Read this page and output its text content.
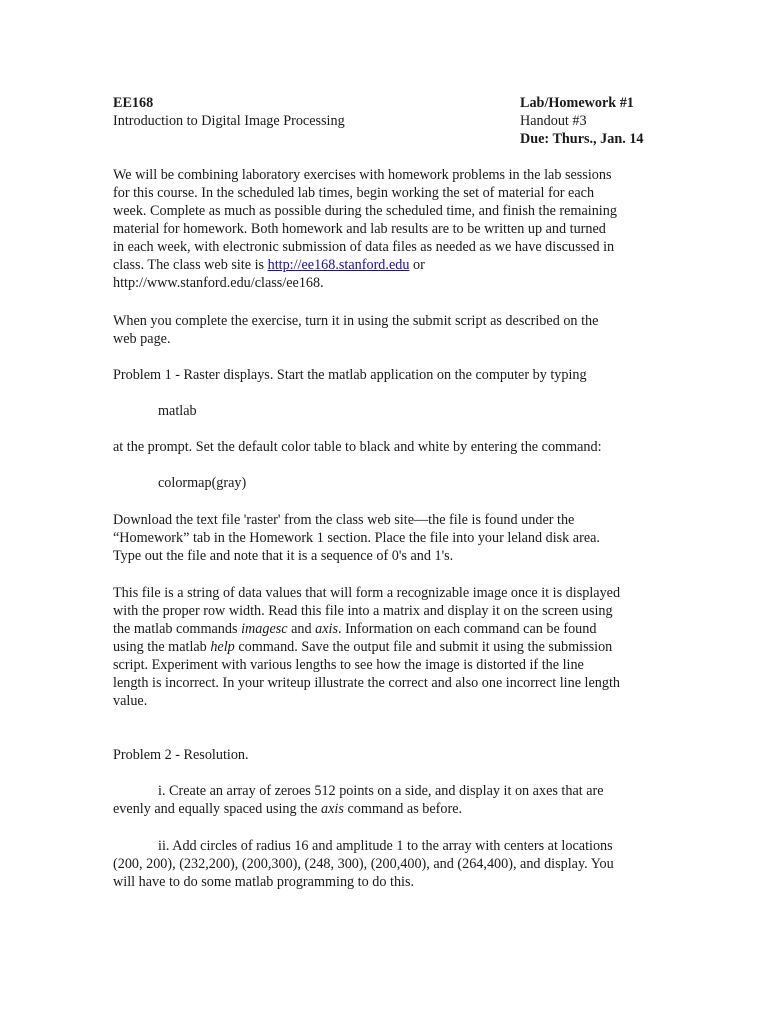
EE168
Introduction to Digital Image Processing
Lab/Homework #1
Handout #3
Due: Thurs., Jan. 14
We will be combining laboratory exercises with homework problems in the lab sessions
for this course. In the scheduled lab times, begin working the set of material for each
week. Complete as much as possible during the scheduled time, and finish the remaining
material for homework. Both homework and lab results are to be written up and turned
in each week, with electronic submission of data files as needed as we have discussed in
class. The class web site is http://ee168.stanford.edu or
http://www.stanford.edu/class/ee168.
When you complete the exercise, turn it in using the submit script as described on the
web page.
Problem 1 - Raster displays. Start the matlab application on the computer by typing
matlab
at the prompt. Set the default color table to black and white by entering the command:
colormap(gray)
Download the text file 'raster' from the class web site—the file is found under the
“Homework” tab in the Homework 1 section. Place the file into your leland disk area.
Type out the file and note that it is a sequence of 0's and 1's.
This file is a string of data values that will form a recognizable image once it is displayed
with the proper row width. Read this file into a matrix and display it on the screen using
the matlab commands imagesc and axis. Information on each command can be found
using the matlab help command. Save the output file and submit it using the submission
script. Experiment with various lengths to see how the image is distorted if the line
length is incorrect. In your writeup illustrate the correct and also one incorrect line length
value.
Problem 2 - Resolution.
i. Create an array of zeroes 512 points on a side, and display it on axes that are
evenly and equally spaced using the axis command as before.
ii. Add circles of radius 16 and amplitude 1 to the array with centers at locations
(200, 200), (232,200), (200,300), (248, 300), (200,400), and (264,400), and display. You
will have to do some matlab programming to do this.
